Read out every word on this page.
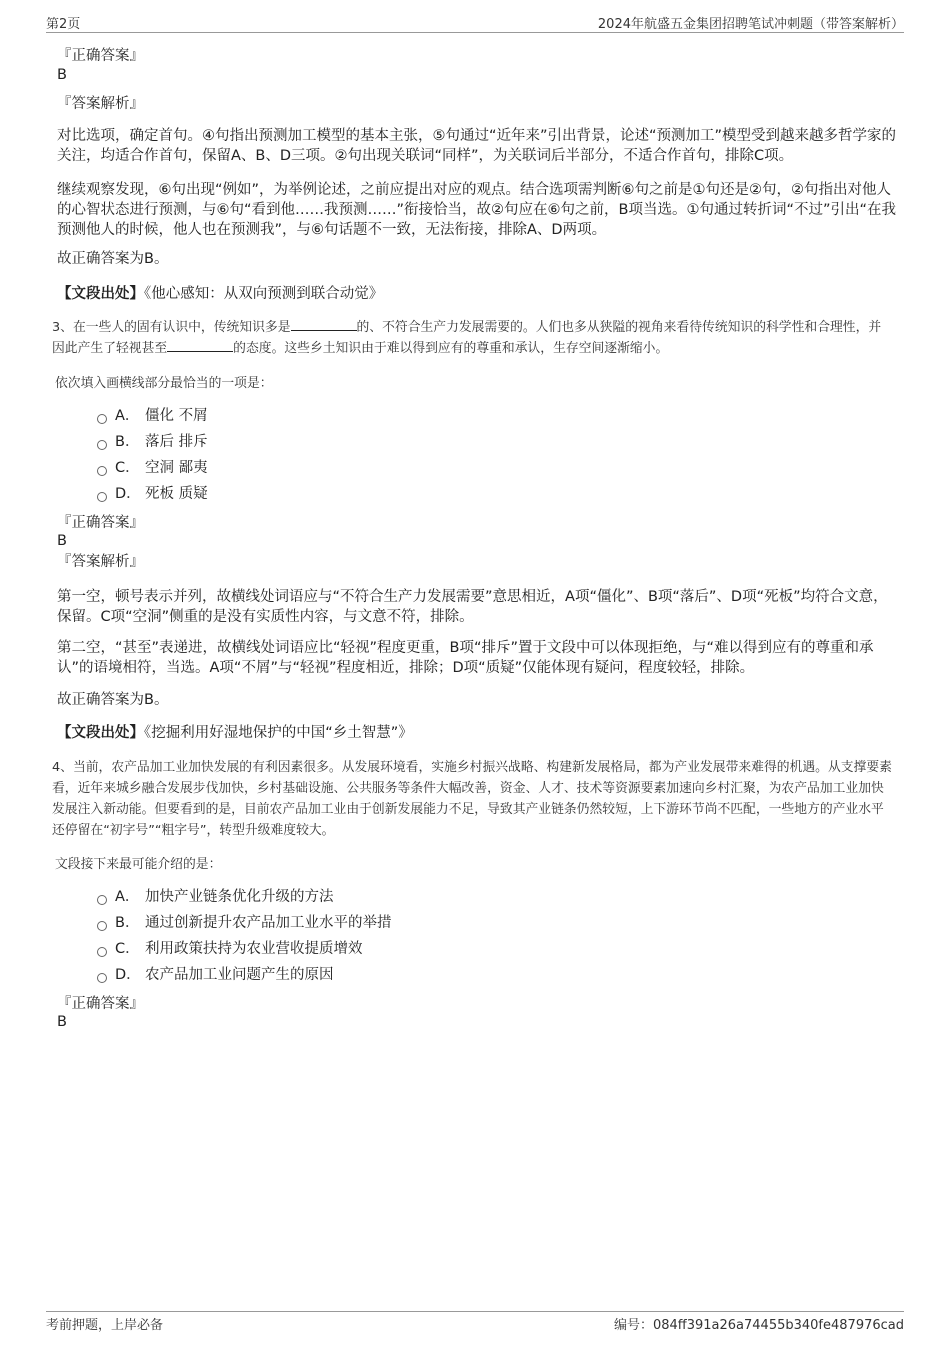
第2页	2024年航盛五金集团招聘笔试冲刺题（带答案解析）
『正确答案』
B
『答案解析』

对比选项，确定首句。④句指出预测加工模型的基本主张，⑤句通过“近年来”引出背景，论述“预测加工”模型受到越来越多哲学家的关注，均适合作首句，保留A、B、D三项。②句出现关联词“同样”，为关联词后半部分，不适合作首句，排除C项。

继续观察发现，⑥句出现“例如”，为举例论述，之前应提出对应的观点。结合选项需判断⑥句之前是①句还是②句，②句指出对他人的心智状态进行预测，与⑥句“看到他……我预测……”衔接恰当，故②句应在⑥句之前，B项当选。①句通过转折词“不过”引出“在我预测他人的时候，他人也在预测我”，与⑥句话题不一致，无法衔接，排除A、D两项。

故正确答案为B。

【文段出处】《他心感知：从双向预测到联合动觉》
3、在一些人的固有认识中，传统知识多是	的、不符合生产力发展需要的。人们也多从狭隘的视角来看待传统知识的科学性和合理性，并因此产生了轻视甚至	的态度。这些乡土知识由于难以得到应有的尊重和承认，生存空间逐渐缩小。
依次填入画横线部分最恰当的一项是：
A． 僵化 不屑
B． 落后 排斥
C． 空洞 鄙夷
D． 死板 质疑
『正确答案』
B
『答案解析』

第一空，顿号表示并列，故横线处词语应与“不符合生产力发展需要”意思相近，A项“僵化”、B项“落后”、D项“死板”均符合文意，保留。C项“空洞”侧重的是没有实质性内容，与文意不符，排除。

第二空，“甚至”表递进，故横线处词语应比“轻视”程度更重，B项“排斥”置于文段中可以体现拒绝，与“难以得到应有的尊重和承认”的语境相符，当选。A项“不屑”与“轻视”程度相近，排除；D项“质疑”仅能体现有疑问，程度较轻，排除。

故正确答案为B。

【文段出处】《挖掘利用好湿地保护的中国“乡土智慧”》
4、当前，农产品加工业加快发展的有利因素很多。从发展环境看，实施乡村振兴战略、构建新发展格局，都为产业发展带来难得的机遇。从支撑要素看，近年来城乡融合发展步伐加快，乡村基础设施、公共服务等条件大幅改善，资金、人才、技术等资源要素加速向乡村汇聚，为农产品加工业加快发展注入新动能。但要看到的是，目前农产品加工业由于创新发展能力不足，导致其产业链条仍然较短，上下游环节尚不匹配，一些地方的产业水平还停留在“初字号”“粗字号”，转型升级难度较大。
文段接下来最可能介绍的是：
A． 加快产业链条优化升级的方法
B． 通过创新提升农产品加工业水平的举措
C． 利用政策扶持为农业营收提质增效
D． 农产品加工业问题产生的原因
『正确答案』
B
考前押题，上岸必备	编号：084ff391a26a74455b340fe487976cad
